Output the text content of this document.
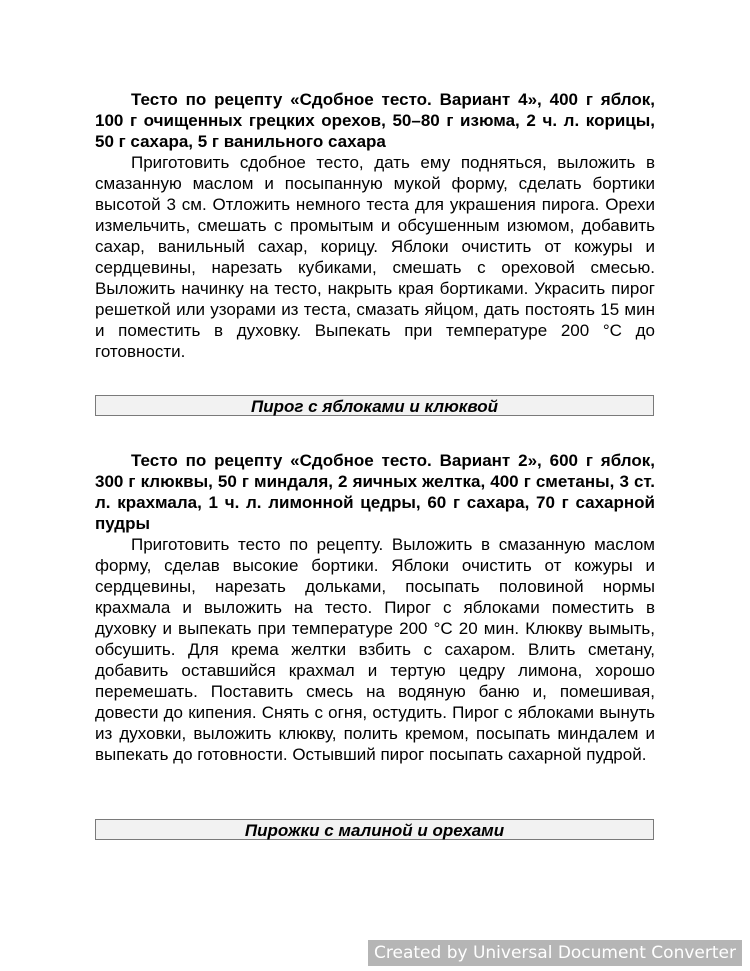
Тесто по рецепту «Сдобное тесто. Вариант 4», 400 г яблок, 100 г очищенных грецких орехов, 50–80 г изюма, 2 ч. л. корицы, 50 г сахара, 5 г ванильного сахара
Приготовить сдобное тесто, дать ему подняться, выложить в смазанную маслом и посыпанную мукой форму, сделать бортики высотой 3 см. Отложить немного теста для украшения пирога. Орехи измельчить, смешать с промытым и обсушенным изюмом, добавить сахар, ванильный сахар, корицу. Яблоки очистить от кожуры и сердцевины, нарезать кубиками, смешать с ореховой смесью. Выложить начинку на тесто, накрыть края бортиками. Украсить пирог решеткой или узорами из теста, смазать яйцом, дать постоять 15 мин и поместить в духовку. Выпекать при температуре 200 °С до готовности.
Пирог с яблоками и клюквой
Тесто по рецепту «Сдобное тесто. Вариант 2», 600 г яблок, 300 г клюквы, 50 г миндаля, 2 яичных желтка, 400 г сметаны, 3 ст. л. крахмала, 1 ч. л. лимонной цедры, 60 г сахара, 70 г сахарной пудры
Приготовить тесто по рецепту. Выложить в смазанную маслом форму, сделав высокие бортики. Яблоки очистить от кожуры и сердцевины, нарезать дольками, посыпать половиной нормы крахмала и выложить на тесто. Пирог с яблоками поместить в духовку и выпекать при температуре 200 °С 20 мин. Клюкву вымыть, обсушить. Для крема желтки взбить с сахаром. Влить сметану, добавить оставшийся крахмал и тертую цедру лимона, хорошо перемешать. Поставить смесь на водяную баню и, помешивая, довести до кипения. Снять с огня, остудить. Пирог с яблоками вынуть из духовки, выложить клюкву, полить кремом, посыпать миндалем и выпекать до готовности. Остывший пирог посыпать сахарной пудрой.
Пирожки с малиной и орехами
Created by Universal Document Converter
